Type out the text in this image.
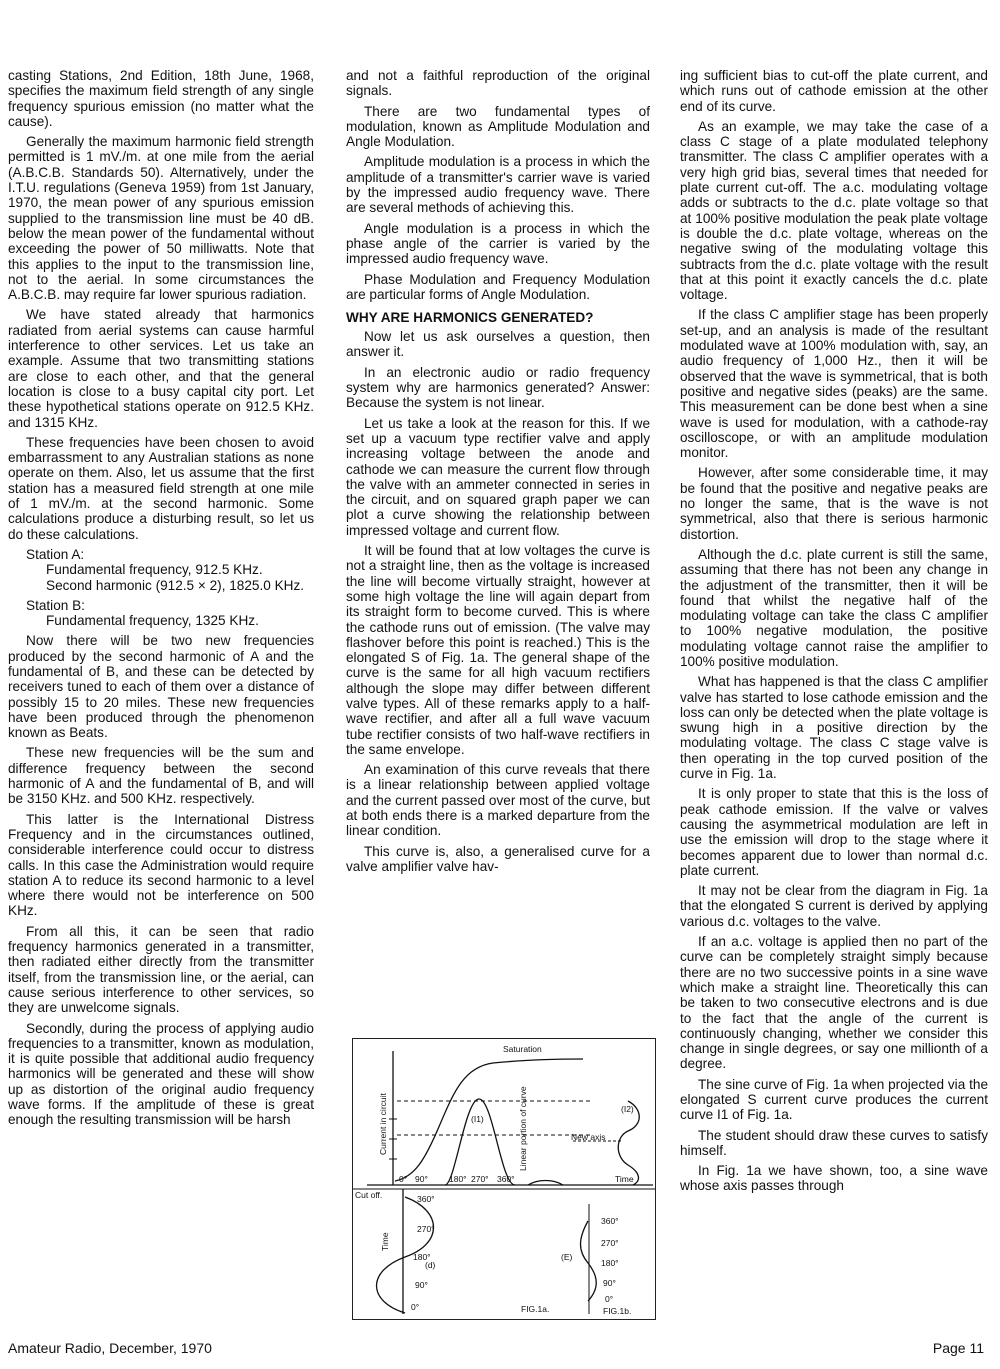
casting Stations, 2nd Edition, 18th June, 1968, specifies the maximum field strength of any single frequency spurious emission (no matter what the cause).

Generally the maximum harmonic field strength permitted is 1 mV./m. at one mile from the aerial (A.B.C.B. Standards 50). Alternatively, under the I.T.U. regulations (Geneva 1959) from 1st January, 1970, the mean power of any spurious emission supplied to the transmission line must be 40 dB. below the mean power of the fundamental without exceeding the power of 50 milliwatts. Note that this applies to the input to the transmission line, not to the aerial. In some circumstances the A.B.C.B. may require far lower spurious radiation.

We have stated already that harmonics radiated from aerial systems can cause harmful interference to other services. Let us take an example. Assume that two transmitting stations are close to each other, and that the general location is close to a busy capital city port. Let these hypothetical stations operate on 912.5 KHz. and 1315 KHz.

These frequencies have been chosen to avoid embarrassment to any Australian stations as none operate on them. Also, let us assume that the first station has a measured field strength at one mile of 1 mV./m. at the second harmonic. Some calculations produce a disturbing result, so let us do these calculations.

Station A:

Fundamental frequency, 912.5 KHz.

Second harmonic (912.5 × 2), 1825.0 KHz.

Station B:

Fundamental frequency, 1325 KHz.

Now there will be two new frequencies produced by the second harmonic of A and the fundamental of B, and these can be detected by receivers tuned to each of them over a distance of possibly 15 to 20 miles. These new frequencies have been produced through the phenomenon known as Beats.

These new frequencies will be the sum and difference frequency between the second harmonic of A and the fundamental of B, and will be 3150 KHz. and 500 KHz. respectively.

This latter is the International Distress Frequency and in the circumstances outlined, considerable interference could occur to distress calls. In this case the Administration would require station A to reduce its second harmonic to a level where there would not be interference on 500 KHz.

From all this, it can be seen that radio frequency harmonics generated in a transmitter, then radiated either directly from the transmitter itself, from the transmission line, or the aerial, can cause serious interference to other services, so they are unwelcome signals.

Secondly, during the process of applying audio frequencies to a transmitter, known as modulation, it is quite possible that additional audio frequency harmonics will be generated and these will show up as distortion of the original audio frequency wave forms. If the amplitude of these is great enough the resulting transmission will be harsh

and not a faithful reproduction of the original signals.

There are two fundamental types of modulation, known as Amplitude Modulation and Angle Modulation.

Amplitude modulation is a process in which the amplitude of a transmitter's carrier wave is varied by the impressed audio frequency wave. There are several methods of achieving this.

Angle modulation is a process in which the phase angle of the carrier is varied by the impressed audio frequency wave.

Phase Modulation and Frequency Modulation are particular forms of Angle Modulation.

WHY ARE HARMONICS GENERATED?

Now let us ask ourselves a question, then answer it.

In an electronic audio or radio frequency system why are harmonics generated? Answer: Because the system is not linear.

Let us take a look at the reason for this. If we set up a vacuum type rectifier valve and apply increasing voltage between the anode and cathode we can measure the current flow through the valve with an ammeter connected in series in the circuit, and on squared graph paper we can plot a curve showing the relationship between impressed voltage and current flow.

It will be found that at low voltages the curve is not a straight line, then as the voltage is increased the line will become virtually straight, however at some high voltage the line will again depart from its straight form to become curved. This is where the cathode runs out of emission. (The valve may flashover before this point is reached.) This is the elongated S of Fig. 1a. The general shape of the curve is the same for all high vacuum rectifiers although the slope may differ between different valve types. All of these remarks apply to a half-wave rectifier, and after all a full wave vacuum tube rectifier consists of two half-wave rectifiers in the same envelope.

An examination of this curve reveals that there is a linear relationship between applied voltage and the current passed over most of the curve, but at both ends there is a marked departure from the linear condition.

This curve is, also, a generalised curve for a valve amplifier valve hav-

ing sufficient bias to cut-off the plate current, and which runs out of cathode emission at the other end of its curve.

As an example, we may take the case of a class C stage of a plate modulated telephony transmitter. The class C amplifier operates with a very high grid bias, several times that needed for plate current cut-off. The a.c. modulating voltage adds or subtracts to the d.c. plate voltage so that at 100% positive modulation the peak plate voltage is double the d.c. plate voltage, whereas on the negative swing of the modulating voltage this subtracts from the d.c. plate voltage with the result that at this point it exactly cancels the d.c. plate voltage.

If the class C amplifier stage has been properly set-up, and an analysis is made of the resultant modulated wave at 100% modulation with, say, an audio frequency of 1,000 Hz., then it will be observed that the wave is symmetrical, that is both positive and negative sides (peaks) are the same. This measurement can be done best when a sine wave is used for modulation, with a cathode-ray oscilloscope, or with an amplitude modulation monitor.

However, after some considerable time, it may be found that the positive and negative peaks are no longer the same, that is the wave is not symmetrical, also that there is serious harmonic distortion.

Although the d.c. plate current is still the same, assuming that there has not been any change in the adjustment of the transmitter, then it will be found that whilst the negative half of the modulating voltage can take the class C amplifier to 100% negative modulation, the positive modulating voltage cannot raise the amplifier to 100% positive modulation.

What has happened is that the class C amplifier valve has started to lose cathode emission and the loss can only be detected when the plate voltage is swung high in a positive direction by the modulating voltage. The class C stage valve is then operating in the top curved position of the curve in Fig. 1a.

It is only proper to state that this is the loss of peak cathode emission. If the valve or valves causing the asymmetrical modulation are left in use the emission will drop to the stage where it becomes apparent due to lower than normal d.c. plate current.

It may not be clear from the diagram in Fig. 1a that the elongated S current is derived by applying various d.c. voltages to the valve.

If an a.c. voltage is applied then no part of the curve can be completely straight simply because there are no two successive points in a sine wave which make a straight line. Theoretically this can be taken to two consecutive electrons and is due to the fact that the angle of the current is continuously changing, whether we consider this change in single degrees, or say one millionth of a degree.

The sine curve of Fig. 1a when projected via the elongated S current curve produces the current curve I1 of Fig. 1a.

The student should draw these curves to satisfy himself.

In Fig. 1a we have shown, too, a sine wave whose axis passes through

Saturation
Current in circuit	Linear portion of curve
(I1)
(I2)
New axis
Time
Cut off.
0° 90° 180° 270° 360°
Time
360°
270°
180°
90°
0°
360°
270°
180°
90°
0°
(d)
(E)
FIG.1a.	FIG.1b.
Amateur Radio, December, 1970	Page 11
